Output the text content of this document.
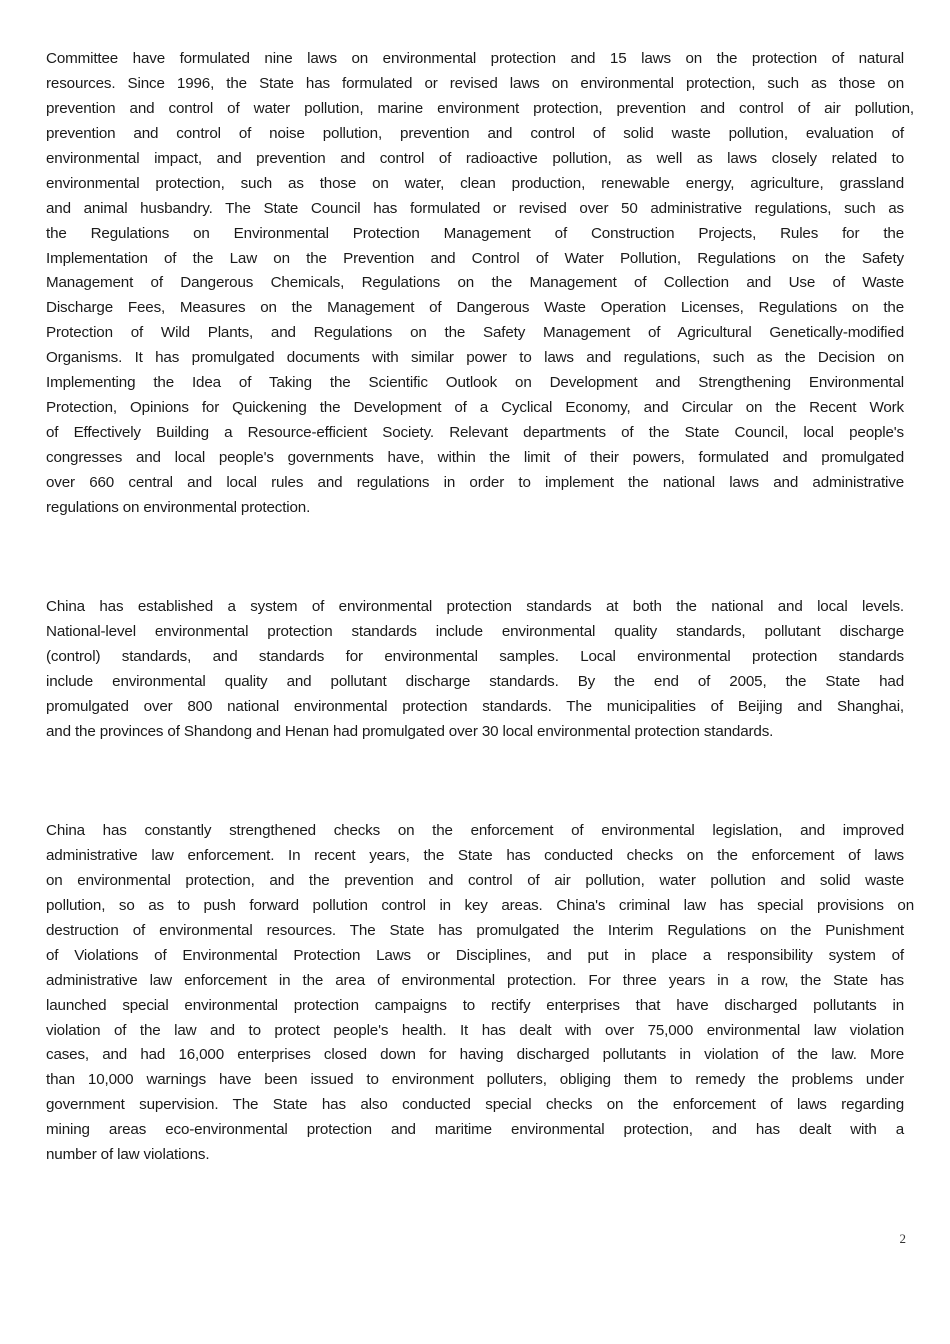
Committee have formulated nine laws on environmental protection and 15 laws on the protection of natural
resources. Since 1996, the State has formulated or revised laws on environmental protection, such as those on
prevention and control of water pollution, marine environment protection, prevention and control of air pollution,
prevention and control of noise pollution, prevention and control of solid waste pollution, evaluation of
environmental impact, and prevention and control of radioactive pollution, as well as laws closely related to
environmental protection, such as those on water, clean production, renewable energy, agriculture, grassland
and animal husbandry. The State Council has formulated or revised over 50 administrative regulations, such as
the Regulations on Environmental Protection Management of Construction Projects, Rules for the
Implementation of the Law on the Prevention and Control of Water Pollution, Regulations on the Safety
Management of Dangerous Chemicals, Regulations on the Management of Collection and Use of Waste
Discharge Fees, Measures on the Management of Dangerous Waste Operation Licenses, Regulations on the
Protection of Wild Plants, and Regulations on the Safety Management of Agricultural Genetically-modified
Organisms. It has promulgated documents with similar power to laws and regulations, such as the Decision on
Implementing the Idea of Taking the Scientific Outlook on Development and Strengthening Environmental
Protection, Opinions for Quickening the Development of a Cyclical Economy, and Circular on the Recent Work
of Effectively Building a Resource-efficient Society. Relevant departments of the State Council, local people's
congresses and local people's governments have, within the limit of their powers, formulated and promulgated
over 660 central and local rules and regulations in order to implement the national laws and administrative
regulations on environmental protection.
China has established a system of environmental protection standards at both the national and local levels.
National-level environmental protection standards include environmental quality standards, pollutant discharge
(control) standards, and standards for environmental samples. Local environmental protection standards
include environmental quality and pollutant discharge standards. By the end of 2005, the State had
promulgated over 800 national environmental protection standards. The municipalities of Beijing and Shanghai,
and the provinces of Shandong and Henan had promulgated over 30 local environmental protection standards.
China has constantly strengthened checks on the enforcement of environmental legislation, and improved
administrative law enforcement. In recent years, the State has conducted checks on the enforcement of laws
on environmental protection, and the prevention and control of air pollution, water pollution and solid waste
pollution, so as to push forward pollution control in key areas. China's criminal law has special provisions on
destruction of environmental resources. The State has promulgated the Interim Regulations on the Punishment
of Violations of Environmental Protection Laws or Disciplines, and put in place a responsibility system of
administrative law enforcement in the area of environmental protection. For three years in a row, the State has
launched special environmental protection campaigns to rectify enterprises that have discharged pollutants in
violation of the law and to protect people's health. It has dealt with over 75,000 environmental law violation
cases, and had 16,000 enterprises closed down for having discharged pollutants in violation of the law. More
than 10,000 warnings have been issued to environment polluters, obliging them to remedy the problems under
government supervision. The State has also conducted special checks on the enforcement of laws regarding
mining areas eco-environmental protection and maritime environmental protection, and has dealt with a
number of law violations.
2
